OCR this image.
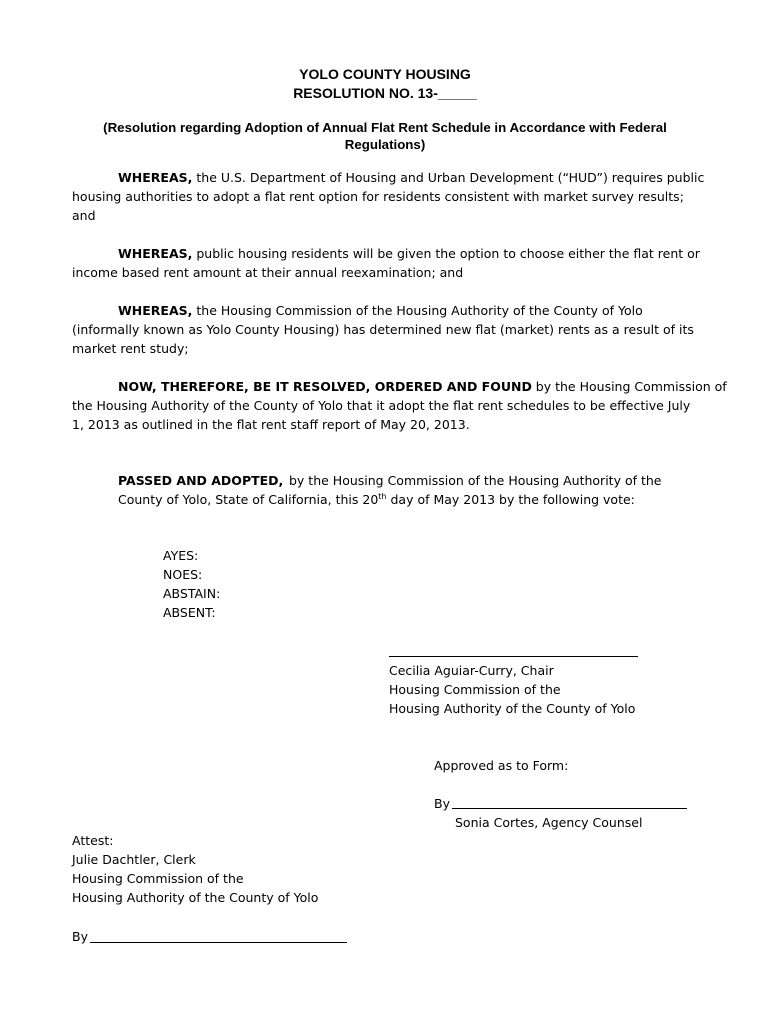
YOLO COUNTY HOUSING
RESOLUTION NO. 13-_____
(Resolution regarding Adoption of Annual Flat Rent Schedule in Accordance with Federal
Regulations)
WHEREAS, the U.S. Department of Housing and Urban Development (“HUD”) requires public
housing authorities to adopt a flat rent option for residents consistent with market survey results;
and
WHEREAS, public housing residents will be given the option to choose either the flat rent or
income based rent amount at their annual reexamination; and
WHEREAS, the Housing Commission of the Housing Authority of the County of Yolo
(informally known as Yolo County Housing) has determined new flat (market) rents as a result of its
market rent study;
NOW, THEREFORE, BE IT RESOLVED, ORDERED AND FOUND by the Housing Commission of
the Housing Authority of the County of Yolo that it adopt the flat rent schedules to be effective July
1, 2013 as outlined in the flat rent staff report of May 20, 2013.
PASSED AND ADOPTED, by the Housing Commission of the Housing Authority of the
County of Yolo, State of California, this 20th day of May 2013 by the following vote:
AYES:
NOES:
ABSTAIN:
ABSENT:
Cecilia Aguiar-Curry, Chair
Housing Commission of the
Housing Authority of the County of Yolo
Approved as to Form:
By
Sonia Cortes, Agency Counsel
Attest:
Julie Dachtler, Clerk
Housing Commission of the
Housing Authority of the County of Yolo
By
